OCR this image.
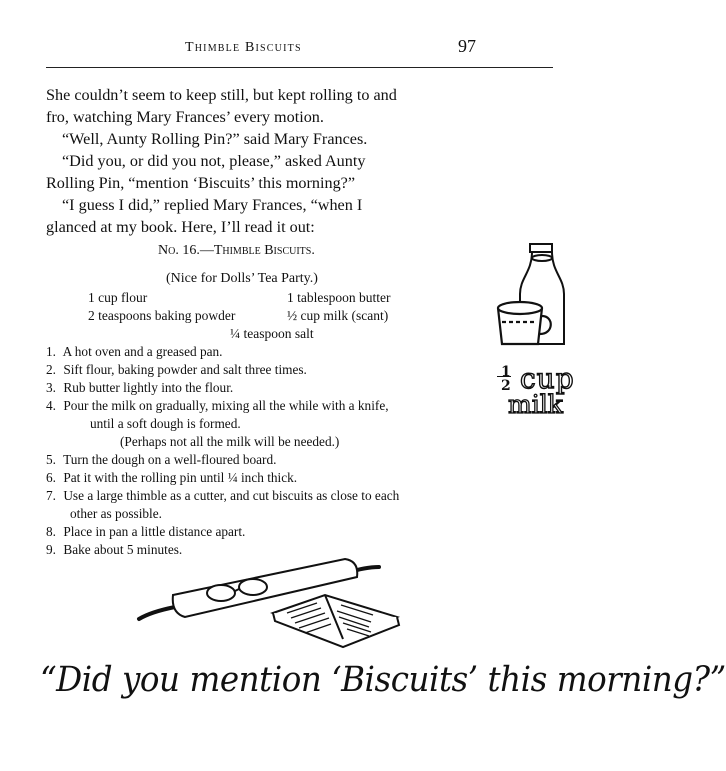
Thimble Biscuits	97
She couldn’t seem to keep still, but kept rolling to and
fro, watching Mary Frances’ every motion.
“Well, Aunty Rolling Pin?” said Mary Frances.
“Did you, or did you not, please,” asked Aunty
Rolling Pin, “mention ‘Biscuits’ this morning?”
“I guess I did,” replied Mary Frances, “when I
glanced at my book. Here, I’ll read it out:
No. 16.—Thimble Biscuits.
(Nice for Dolls’ Tea Party.)
1 cup flour
2 teaspoons baking powder
1 tablespoon butter
½ cup milk (scant)
¼ teaspoon salt
1. A hot oven and a greased pan.
2. Sift flour, baking powder and salt three times.
3. Rub butter lightly into the flour.
4. Pour the milk on gradually, mixing all the while with a knife,
until a soft dough is formed.
(Perhaps not all the milk will be needed.)
5. Turn the dough on a well-floured board.
6. Pat it with the rolling pin until ¼ inch thick.
7. Use a large thimble as a cutter, and cut biscuits as close to each
other as possible.
8. Place in pan a little distance apart.
9. Bake about 5 minutes.
1
2 cup
milk
“Did you mention ‘Biscuits’ this morning?”
